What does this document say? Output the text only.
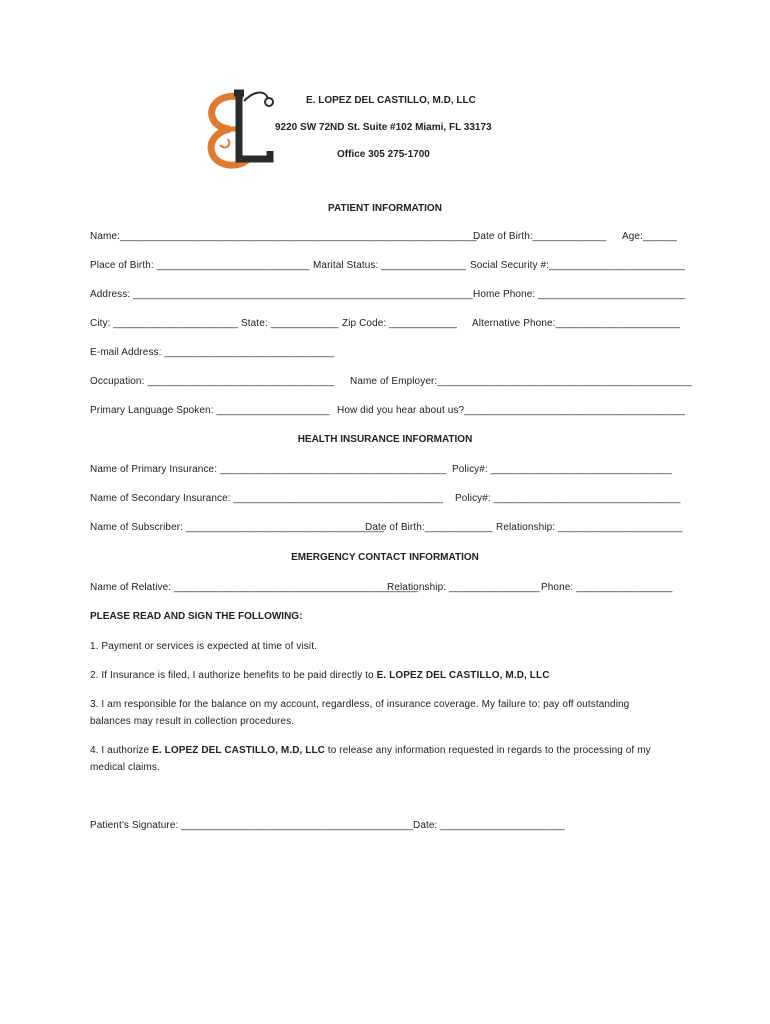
E. LOPEZ DEL CASTILLO, M.D, LLC
9220 SW 72ND St. Suite #102 Miami, FL 33173
Office 305 275-1700
PATIENT INFORMATION
Name:_______________________________________________________________
Date of Birth:_____________ Age:______
Place of Birth: ___________________________ Marital Status: _______________ Social Security #:________________________
Address: ____________________________________________________________ Home Phone: __________________________
City: ______________________ State: ____________ Zip Code: ____________ Alternative Phone:______________________
E-mail Address: ______________________________
Occupation: _________________________________ Name of Employer:_____________________________________________
Primary Language Spoken: ____________________ How did you hear about us?_______________________________________
HEALTH INSURANCE INFORMATION
Name of Primary Insurance: ________________________________________ Policy#: ________________________________
Name of Secondary Insurance: _____________________________________ Policy#: _________________________________
Name of Subscriber: ___________________________________
Date of Birth:____________ Relationship: ______________________
EMERGENCY CONTACT INFORMATION
Name of Relative: ___________________________________________
Relationship: ________________ Phone: _________________
PLEASE READ AND SIGN THE FOLLOWING:
1. Payment or services is expected at time of visit.
2. If Insurance is filed, I authorize benefits to be paid directly to E. LOPEZ DEL CASTILLO, M.D, LLC
3. I am responsible for the balance on my account, regardless, of insurance coverage. My failure to: pay off outstanding
balances may result in collection procedures.
4. I authorize E. LOPEZ DEL CASTILLO, M.D, LLC to release any information requested in regards to the processing of my
medical claims.
Patient's Signature: _________________________________________ Date: ______________________
